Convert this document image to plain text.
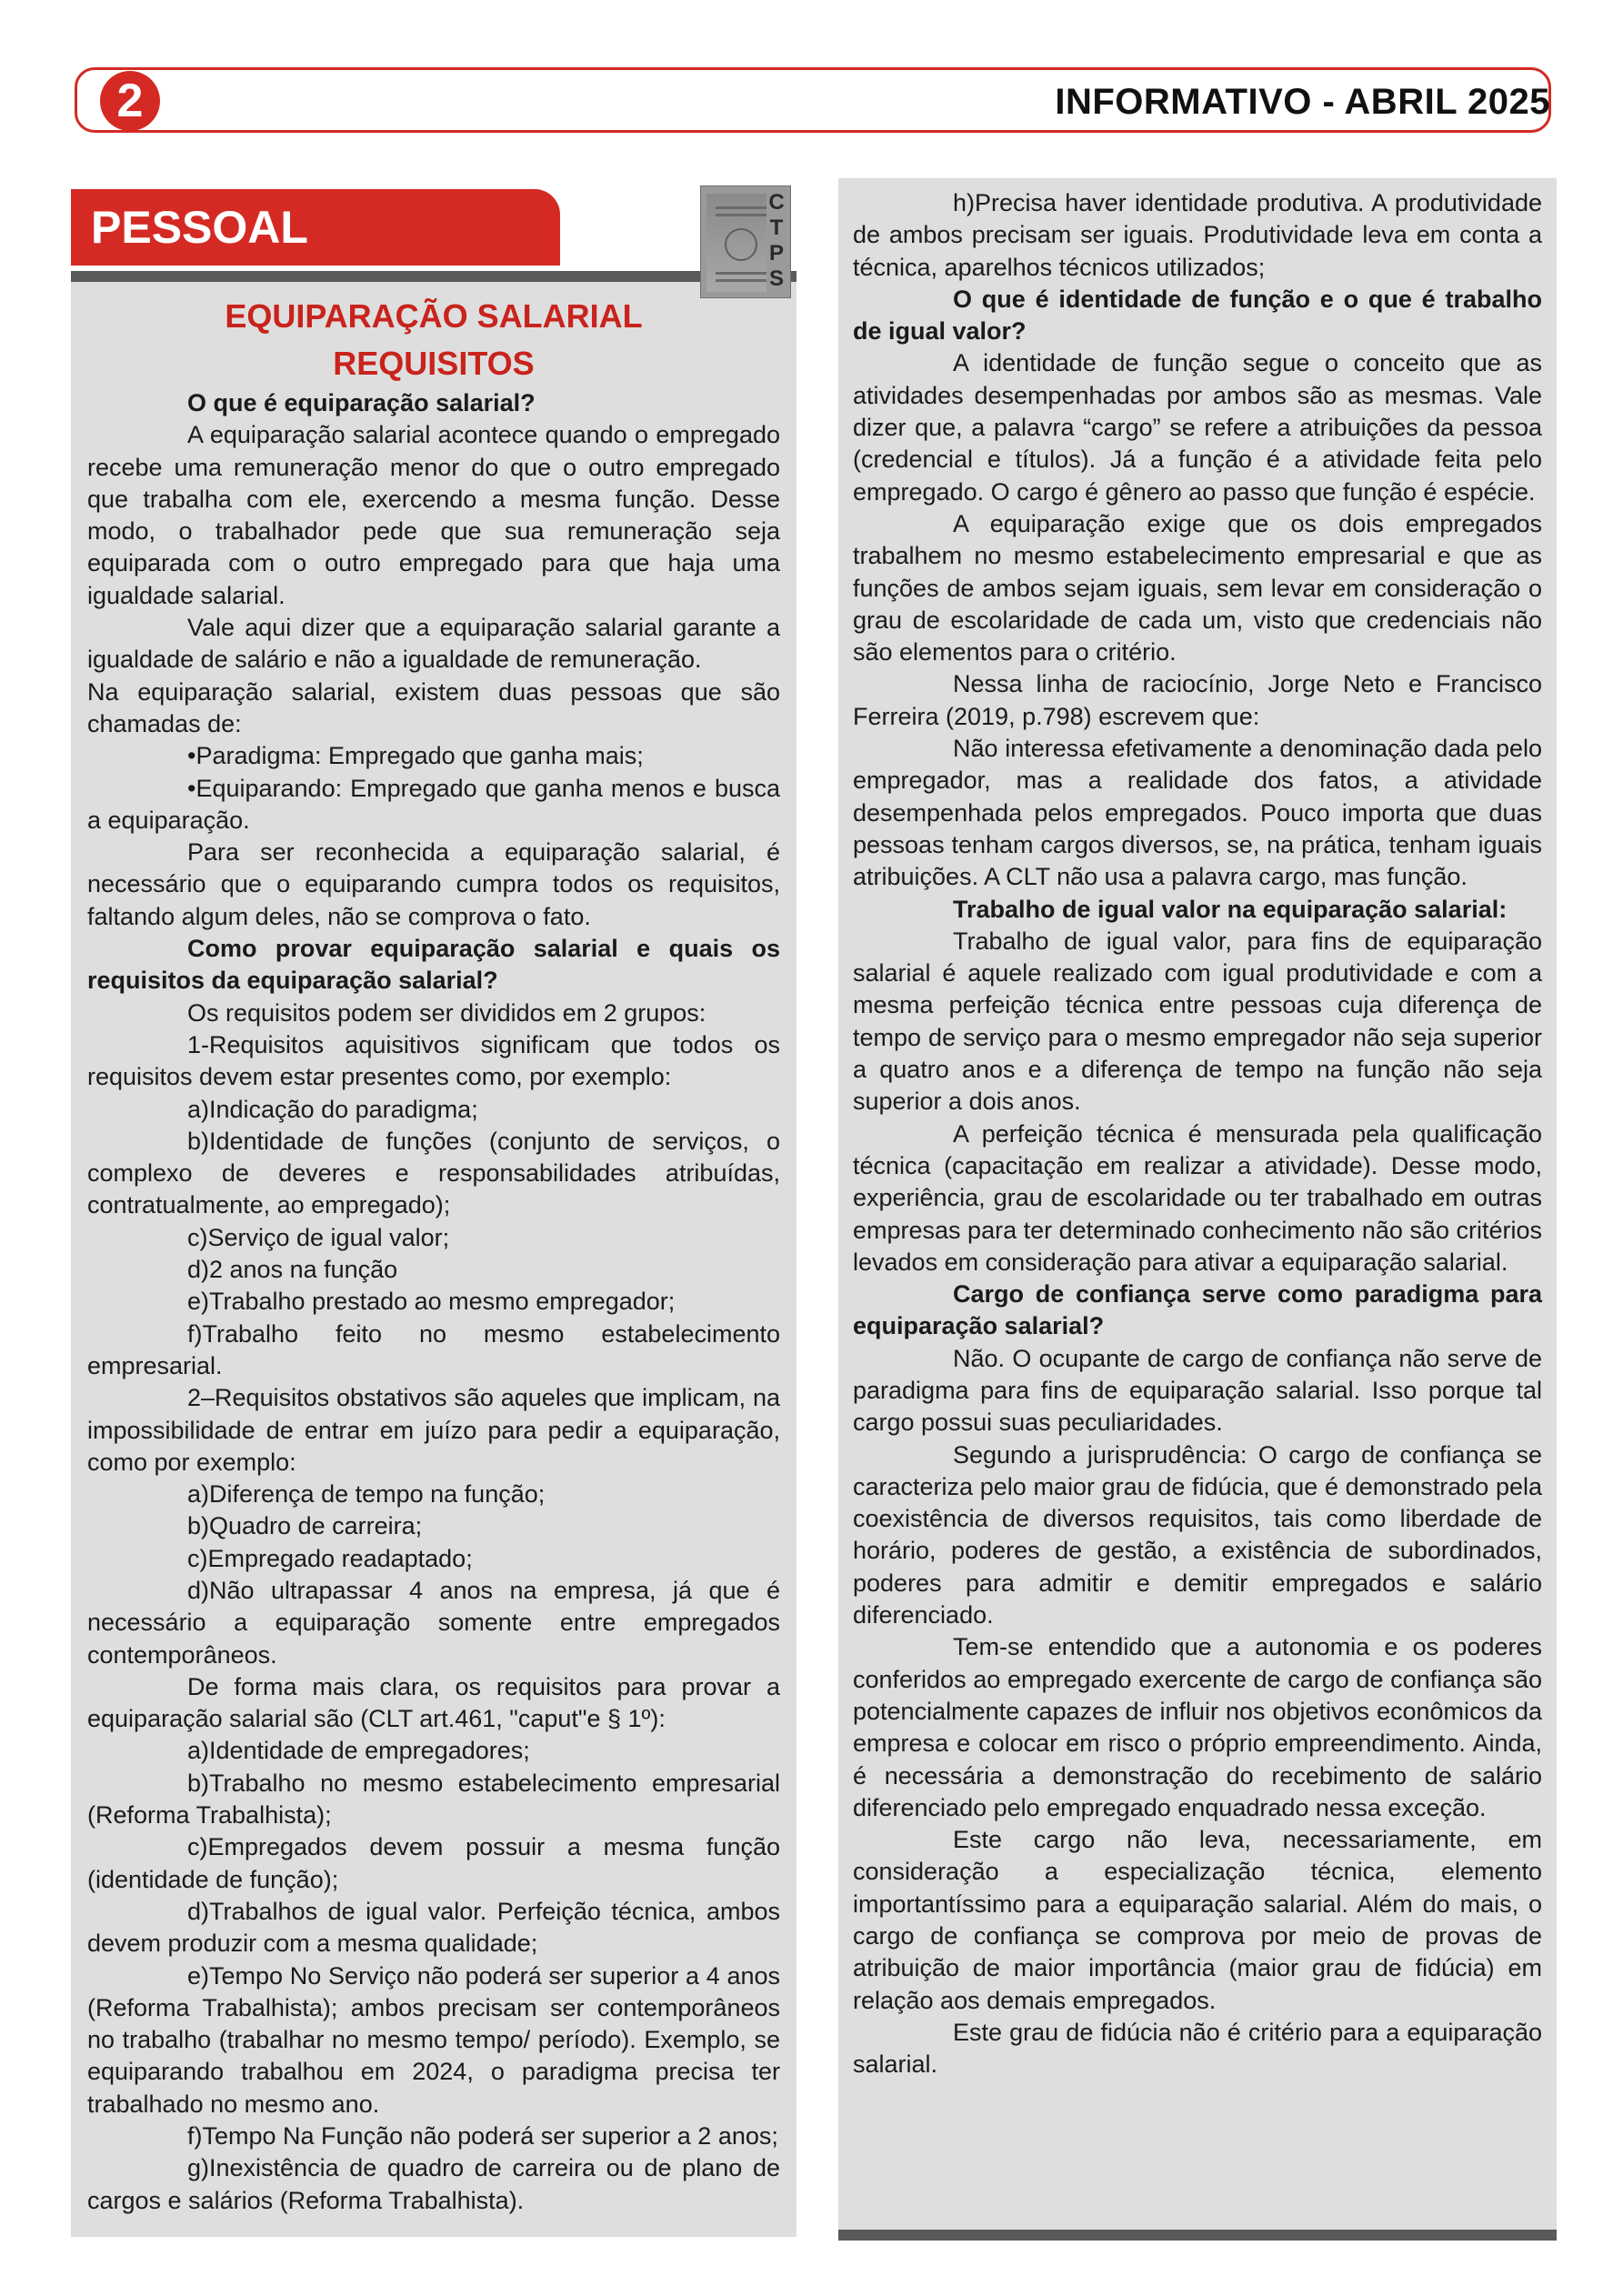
2	INFORMATIVO - ABRIL 2025
PESSOAL
EQUIPARAÇÃO SALARIAL
REQUISITOS

O que é equiparação salarial?

A equiparação salarial acontece quando o empregado recebe uma remuneração menor do que o outro empregado que trabalha com ele, exercendo a mesma função. Desse modo, o trabalhador pede que sua remuneração seja equiparada com o outro empregado para que haja uma igualdade salarial.

Vale aqui dizer que a equiparação salarial garante a igualdade de salário e não a igualdade de remuneração.

Na equiparação salarial, existem duas pessoas que são chamadas de:

•Paradigma: Empregado que ganha mais;

•Equiparando: Empregado que ganha menos e busca a equiparação.

Para ser reconhecida a equiparação salarial, é necessário que o equiparando cumpra todos os requisitos, faltando algum deles, não se comprova o fato.

Como provar equiparação salarial e quais os requisitos da equiparação salarial?

Os requisitos podem ser divididos em 2 grupos:

1-Requisitos aquisitivos significam que todos os requisitos devem estar presentes como, por exemplo:

a)Indicação do paradigma;

b)Identidade de funções (conjunto de serviços, o complexo de deveres e responsabilidades atribuídas, contratualmente, ao empregado);

c)Serviço de igual valor;

d)2 anos na função

e)Trabalho prestado ao mesmo empregador;

f)Trabalho feito no mesmo estabelecimento empresarial.

2–Requisitos obstativos são aqueles que implicam, na impossibilidade de entrar em juízo para pedir a equiparação, como por exemplo:

a)Diferença de tempo na função;

b)Quadro de carreira;

c)Empregado readaptado;

d)Não ultrapassar 4 anos na empresa, já que é necessário a equiparação somente entre empregados contemporâneos.

De forma mais clara, os requisitos para provar a equiparação salarial são (CLT art.461, "caput"e § 1º):

a)Identidade de empregadores;

b)Trabalho no mesmo estabelecimento empresarial (Reforma Trabalhista);

c)Empregados devem possuir a mesma função (identidade de função);

d)Trabalhos de igual valor. Perfeição técnica, ambos devem produzir com a mesma qualidade;

e)Tempo No Serviço não poderá ser superior a 4 anos (Reforma Trabalhista); ambos precisam ser contemporâneos no trabalho (trabalhar no mesmo tempo/ período). Exemplo, se equiparando trabalhou em 2024, o paradigma precisa ter trabalhado no mesmo ano.

f)Tempo Na Função não poderá ser superior a 2 anos;

g)Inexistência de quadro de carreira ou de plano de cargos e salários (Reforma Trabalhista).

C T P S

h)Precisa haver identidade produtiva. A produtividade de ambos precisam ser iguais. Produtividade leva em conta a técnica, aparelhos técnicos utilizados;

O que é identidade de função e o que é trabalho de igual valor?

A identidade de função segue o conceito que as atividades desempenhadas por ambos são as mesmas. Vale dizer que, a palavra “cargo” se refere a atribuições da pessoa (credencial e títulos). Já a função é a atividade feita pelo empregado. O cargo é gênero ao passo que função é espécie.

A equiparação exige que os dois empregados trabalhem no mesmo estabelecimento empresarial e que as funções de ambos sejam iguais, sem levar em consideração o grau de escolaridade de cada um, visto que credenciais não são elementos para o critério.

Nessa linha de raciocínio, Jorge Neto e Francisco Ferreira (2019, p.798) escrevem que:

Não interessa efetivamente a denominação dada pelo empregador, mas a realidade dos fatos, a atividade desempenhada pelos empregados. Pouco importa que duas pessoas tenham cargos diversos, se, na prática, tenham iguais atribuições. A CLT não usa a palavra cargo, mas função.

Trabalho de igual valor na equiparação salarial:

Trabalho de igual valor, para fins de equiparação salarial é aquele realizado com igual produtividade e com a mesma perfeição técnica entre pessoas cuja diferença de tempo de serviço para o mesmo empregador não seja superior a quatro anos e a diferença de tempo na função não seja superior a dois anos.

A perfeição técnica é mensurada pela qualificação técnica (capacitação em realizar a atividade). Desse modo, experiência, grau de escolaridade ou ter trabalhado em outras empresas para ter determinado conhecimento não são critérios levados em consideração para ativar a equiparação salarial.

Cargo de confiança serve como paradigma para equiparação salarial?

Não. O ocupante de cargo de confiança não serve de paradigma para fins de equiparação salarial. Isso porque tal cargo possui suas peculiaridades.

Segundo a jurisprudência: O cargo de confiança se caracteriza pelo maior grau de fidúcia, que é demonstrado pela coexistência de diversos requisitos, tais como liberdade de horário, poderes de gestão, a existência de subordinados, poderes para admitir e demitir empregados e salário diferenciado.

Tem-se entendido que a autonomia e os poderes conferidos ao empregado exercente de cargo de confiança são potencialmente capazes de influir nos objetivos econômicos da empresa e colocar em risco o próprio empreendimento. Ainda, é necessária a demonstração do recebimento de salário diferenciado pelo empregado enquadrado nessa exceção.

Este cargo não leva, necessariamente, em consideração a especialização técnica, elemento importantíssimo para a equiparação salarial. Além do mais, o cargo de confiança se comprova por meio de provas de atribuição de maior importância (maior grau de fidúcia) em relação aos demais empregados.

Este grau de fidúcia não é critério para a equiparação salarial.
